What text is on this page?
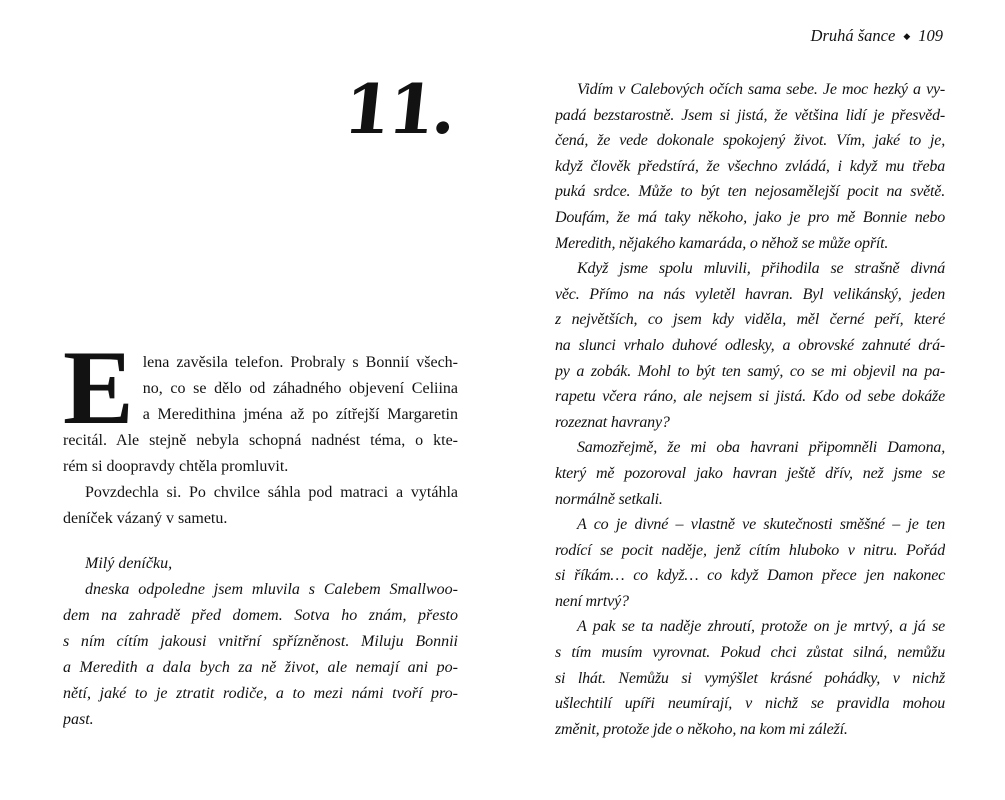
Druhá šance ◆ 109
11.
E lena zavěsila telefon. Probraly s Bonnií všech-
no, co se dělo od záhadného objevení Celiina
a Meredithina jména až po zítřejší Margaretin
recitál. Ale stejně nebyla schopná nadnést téma, o kte-
rém si doopravdy chtěla promluvit.
Povzdechla si. Po chvilce sáhla pod matraci a vytáhla
deníček vázaný v sametu.
Milý deníčku,
dneska odpoledne jsem mluvila s Calebem Smallwoo-
dem na zahradě před domem. Sotva ho znám, přesto
s ním cítím jakousi vnitřní spřízněnost. Miluju Bonnii
a Meredith a dala bych za ně život, ale nemají ani po-
nětí, jaké to je ztratit rodiče, a to mezi námi tvoří pro-
past.
Vidím v Calebových očích sama sebe. Je moc hezký a vy-
padá bezstarostně. Jsem si jistá, že většina lidí je přesvěd-
čená, že vede dokonale spokojený život. Vím, jaké to je,
když člověk předstírá, že všechno zvládá, i když mu třeba
puká srdce. Může to být ten nejosamělejší pocit na světě.
Doufám, že má taky někoho, jako je pro mě Bonnie nebo
Meredith, nějakého kamaráda, o něhož se může opřít.
Když jsme spolu mluvili, přihodila se strašně divná
věc. Přímo na nás vyletěl havran. Byl velikánský, jeden
z největších, co jsem kdy viděla, měl černé peří, které
na slunci vrhalo duhové odlesky, a obrovské zahnuté drá-
py a zobák. Mohl to být ten samý, co se mi objevil na pa-
rapetu včera ráno, ale nejsem si jistá. Kdo od sebe dokáže
rozeznat havrany?
Samozřejmě, že mi oba havrani připomněli Damona,
který mě pozoroval jako havran ještě dřív, než jsme se
normálně setkali.
A co je divné – vlastně ve skutečnosti směšné – je ten
rodící se pocit naděje, jenž cítím hluboko v nitru. Pořád
si říkám… co když… co když Damon přece jen nakonec
není mrtvý?
A pak se ta naděje zhroutí, protože on je mrtvý, a já se
s tím musím vyrovnat. Pokud chci zůstat silná, nemůžu
si lhát. Nemůžu si vymýšlet krásné pohádky, v nichž
ušlechtilí upíři neumírají, v nichž se pravidla mohou
změnit, protože jde o někoho, na kom mi záleží.
